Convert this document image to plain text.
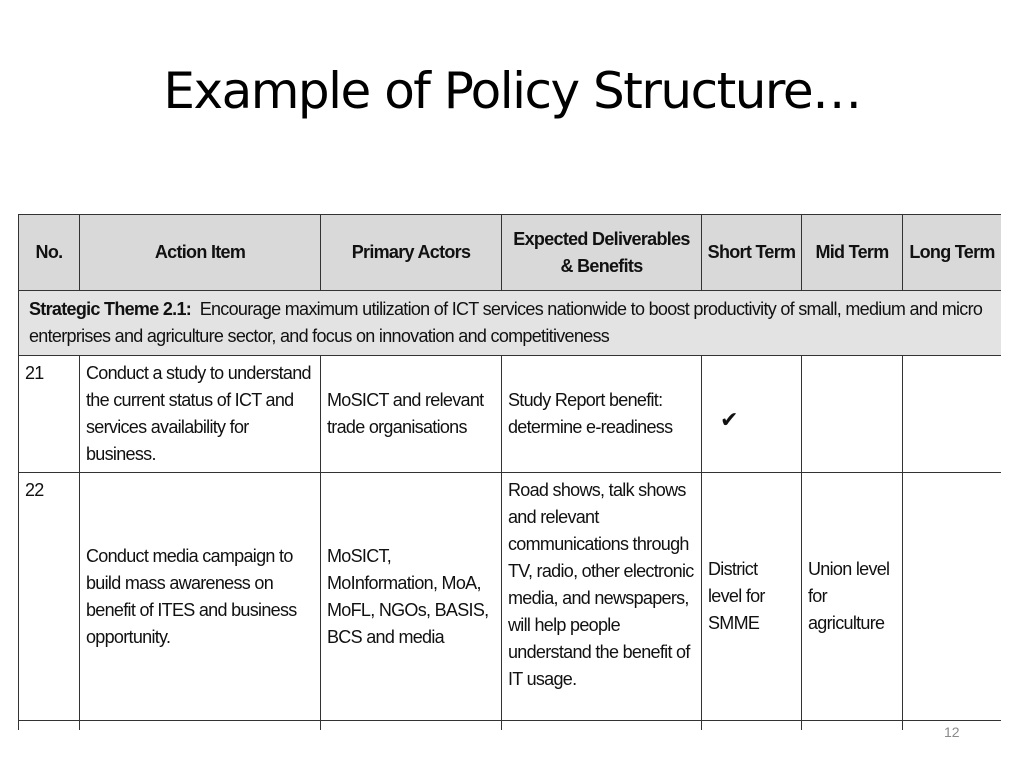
Example of Policy Structure…
No.	Action Item	Primary Actors	Expected Deliverables & Benefits	Short Term	Mid Term	Long Term
Strategic Theme 2.1: Encourage maximum utilization of ICT services nationwide to boost productivity of small, medium and micro enterprises and agriculture sector, and focus on innovation and competitiveness						
21	Conduct a study to understand the current status of ICT and services availability for business.	MoSICT and relevant trade organisations	Study Report benefit: determine e-readiness	✔		
22	Conduct media campaign to build mass awareness on benefit of ITES and business opportunity.	MoSICT, MoInformation, MoA, MoFL, NGOs, BASIS, BCS and media	Road shows, talk shows and relevant communications through TV, radio, other electronic media, and newspapers, will help people understand the benefit of IT usage.	District level for SMME	Union level for agriculture	

12
